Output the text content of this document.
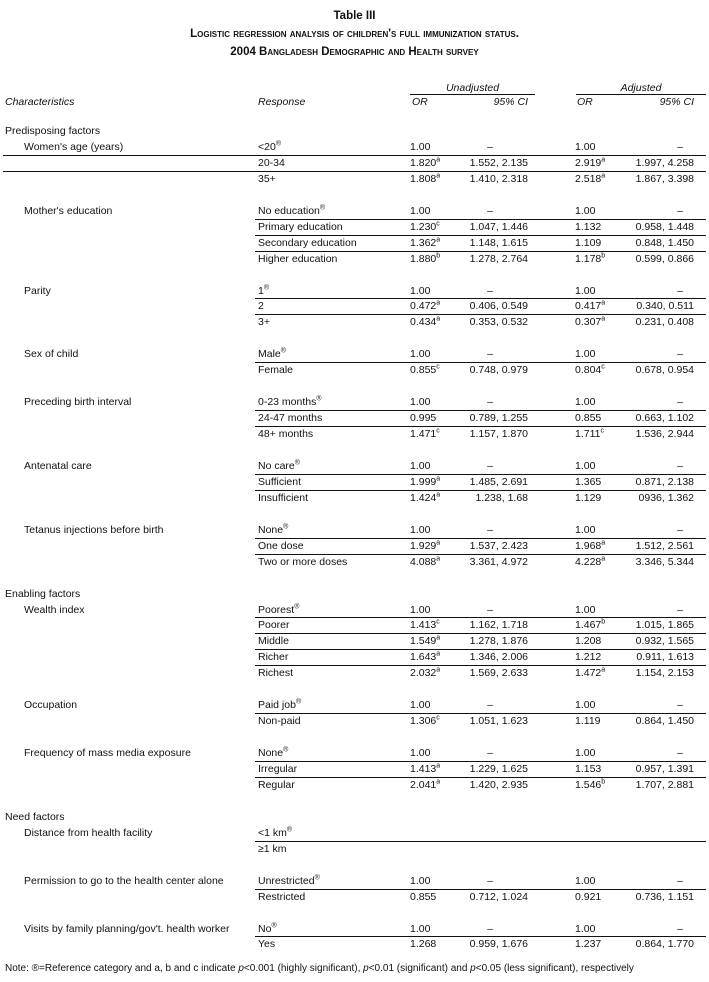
Table III
Logistic regression analysis of children's full immunization status.
2004 Bangladesh Demographic and Health survey
Unadjusted	Adjusted
Characteristics	Response	OR	95% CI	OR	95% CI
Predisposing factors
Women's age (years)	<20®	1.00	–	1.00	–
20-34	1.820$^a$	1.552, 2.135	2.919$^a$	1.997, 4.258
35+	1.808$^a$	1.410, 2.318	2.518$^a$	1.867, 3.398
Mother's education	No education®	1.00	–	1.00	–
Primary education	1.230$^c$	1.047, 1.446	1.132	0.958, 1.448
Secondary education	1.362$^a$	1.148, 1.615	1.109	0.848, 1.450
Higher education	1.880$^b$	1.278, 2.764	1.178$^b$	0.599, 0.866
Parity	1®	1.00	–	1.00	–
2	0.472$^a$	0.406, 0.549	0.417$^a$	0.340, 0.511
3+	0.434$^a$	0.353, 0.532	0.307$^a$	0.231, 0.408
Sex of child	Male®	1.00	–	1.00	–
Female	0.855$^c$	0.748, 0.979	0.804$^c$	0.678, 0.954
Preceding birth interval	0-23 months®	1.00	–	1.00	–
24-47 months	0.995	0.789, 1.255	0.855	0.663, 1.102
48+ months	1.471$^c$	1.157, 1.870	1.711$^c$	1.536, 2.944
Antenatal care	No care®	1.00	–	1.00	–
Sufficient	1.999$^a$	1.485, 2.691	1.365	0.871, 2.138
Insufficient	1.424$^a$	1.238, 1.68	1.129	0936, 1.362
Tetanus injections before birth	None®	1.00	–	1.00	–
One dose	1.929$^a$	1.537, 2.423	1.968$^a$	1.512, 2.561
Two or more doses	4.088$^a$	3.361, 4.972	4.228$^a$	3.346, 5.344
Enabling factors
Wealth index	Poorest®	1.00	–	1.00	–
Poorer	1.413$^c$	1.162, 1.718	1.467$^b$	1.015, 1.865
Middle	1.549$^a$	1.278, 1.876	1.208	0.932, 1.565
Richer	1.643$^a$	1.346, 2.006	1.212	0.911, 1.613
Richest	2.032$^a$	1.569, 2.633	1.472$^a$	1.154, 2.153
Occupation	Paid job®	1.00	–	1.00	–
Non-paid	1.306$^c$	1.051, 1.623	1.119	0.864, 1.450
Frequency of mass media exposure	None®	1.00	–	1.00	–
Irregular	1.413$^a$	1.229, 1.625	1.153	0.957, 1.391
Regular	2.041$^a$	1.420, 2.935	1.546$^b$	1.707, 2.881
Need factors
Distance from health facility	<1 km®
≥1 km
Permission to go to the health center alone	Unrestricted®	1.00	–	1.00	–
Restricted	0.855	0.712, 1.024	0.921	0.736, 1.151
Visits by family planning/gov't. health worker	No®	1.00	–	1.00	–
Yes	1.268	0.959, 1.676	1.237	0.864, 1.770
Note: ®=Reference category and a, b and c indicate p<0.001 (highly significant), p<0.01 (significant) and p<0.05 (less significant), respectively
